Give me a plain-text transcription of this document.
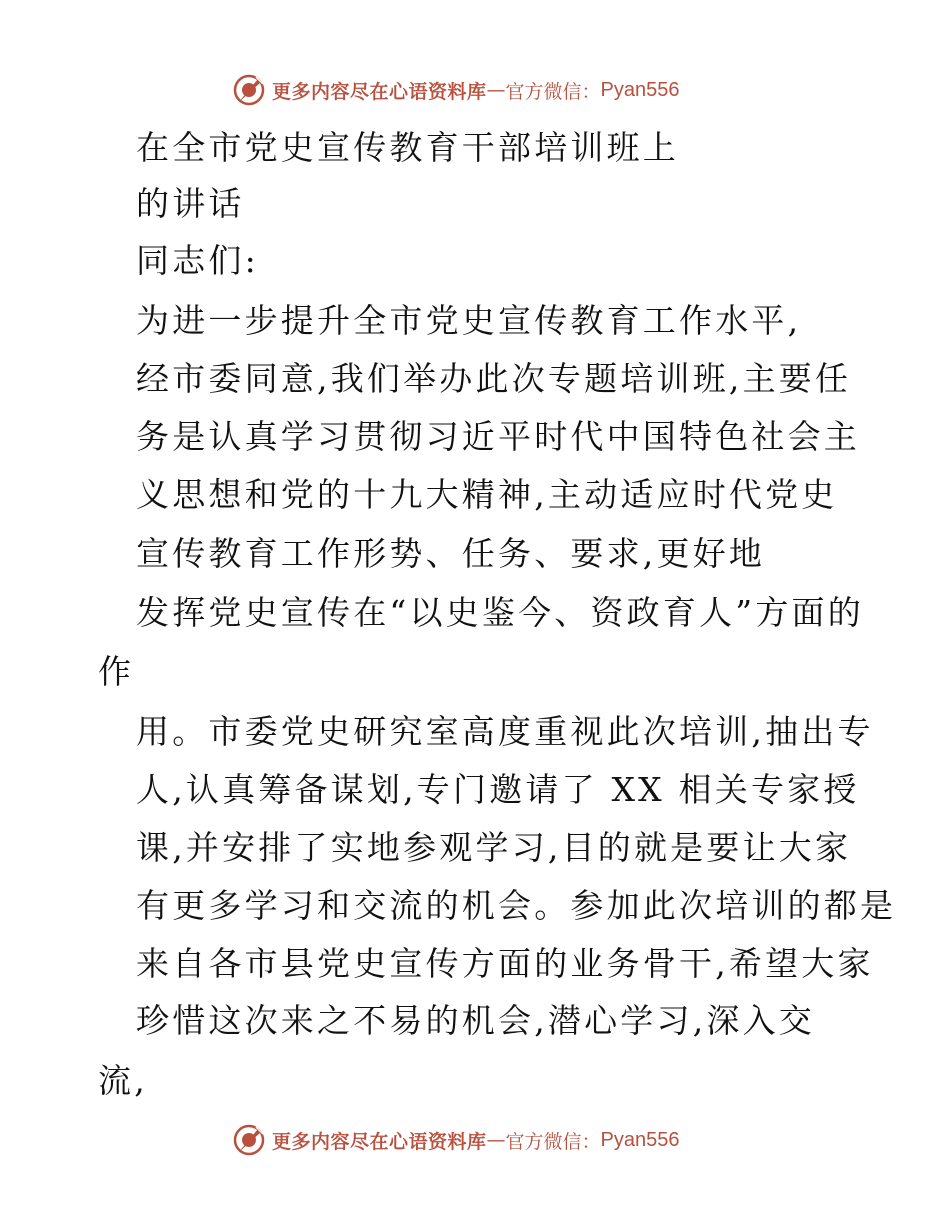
更多内容尽在心语资料库 — 官方微信： Pyan556
在全市党史宣传教育干部培训班上
的讲话
同志们:
为进一步提升全市党史宣传教育工作水平,
经市委同意,我们举办此次专题培训班,主要任
务是认真学习贯彻习近平时代中国特色社会主
义思想和党的十九大精神,主动适应时代党史
宣传教育工作形势、任务、要求,更好地
发挥党史宣传在“以史鉴今、资政育人”方面的
作
用。市委党史研究室高度重视此次培训,抽出专
人,认真筹备谋划,专门邀请了 XX 相关专家授
课,并安排了实地参观学习,目的就是要让大家
有更多学习和交流的机会。参加此次培训的都是
来自各市县党史宣传方面的业务骨干,希望大家
珍惜这次来之不易的机会,潜心学习,深入交
流,
更多内容尽在心语资料库 — 官方微信： Pyan556
